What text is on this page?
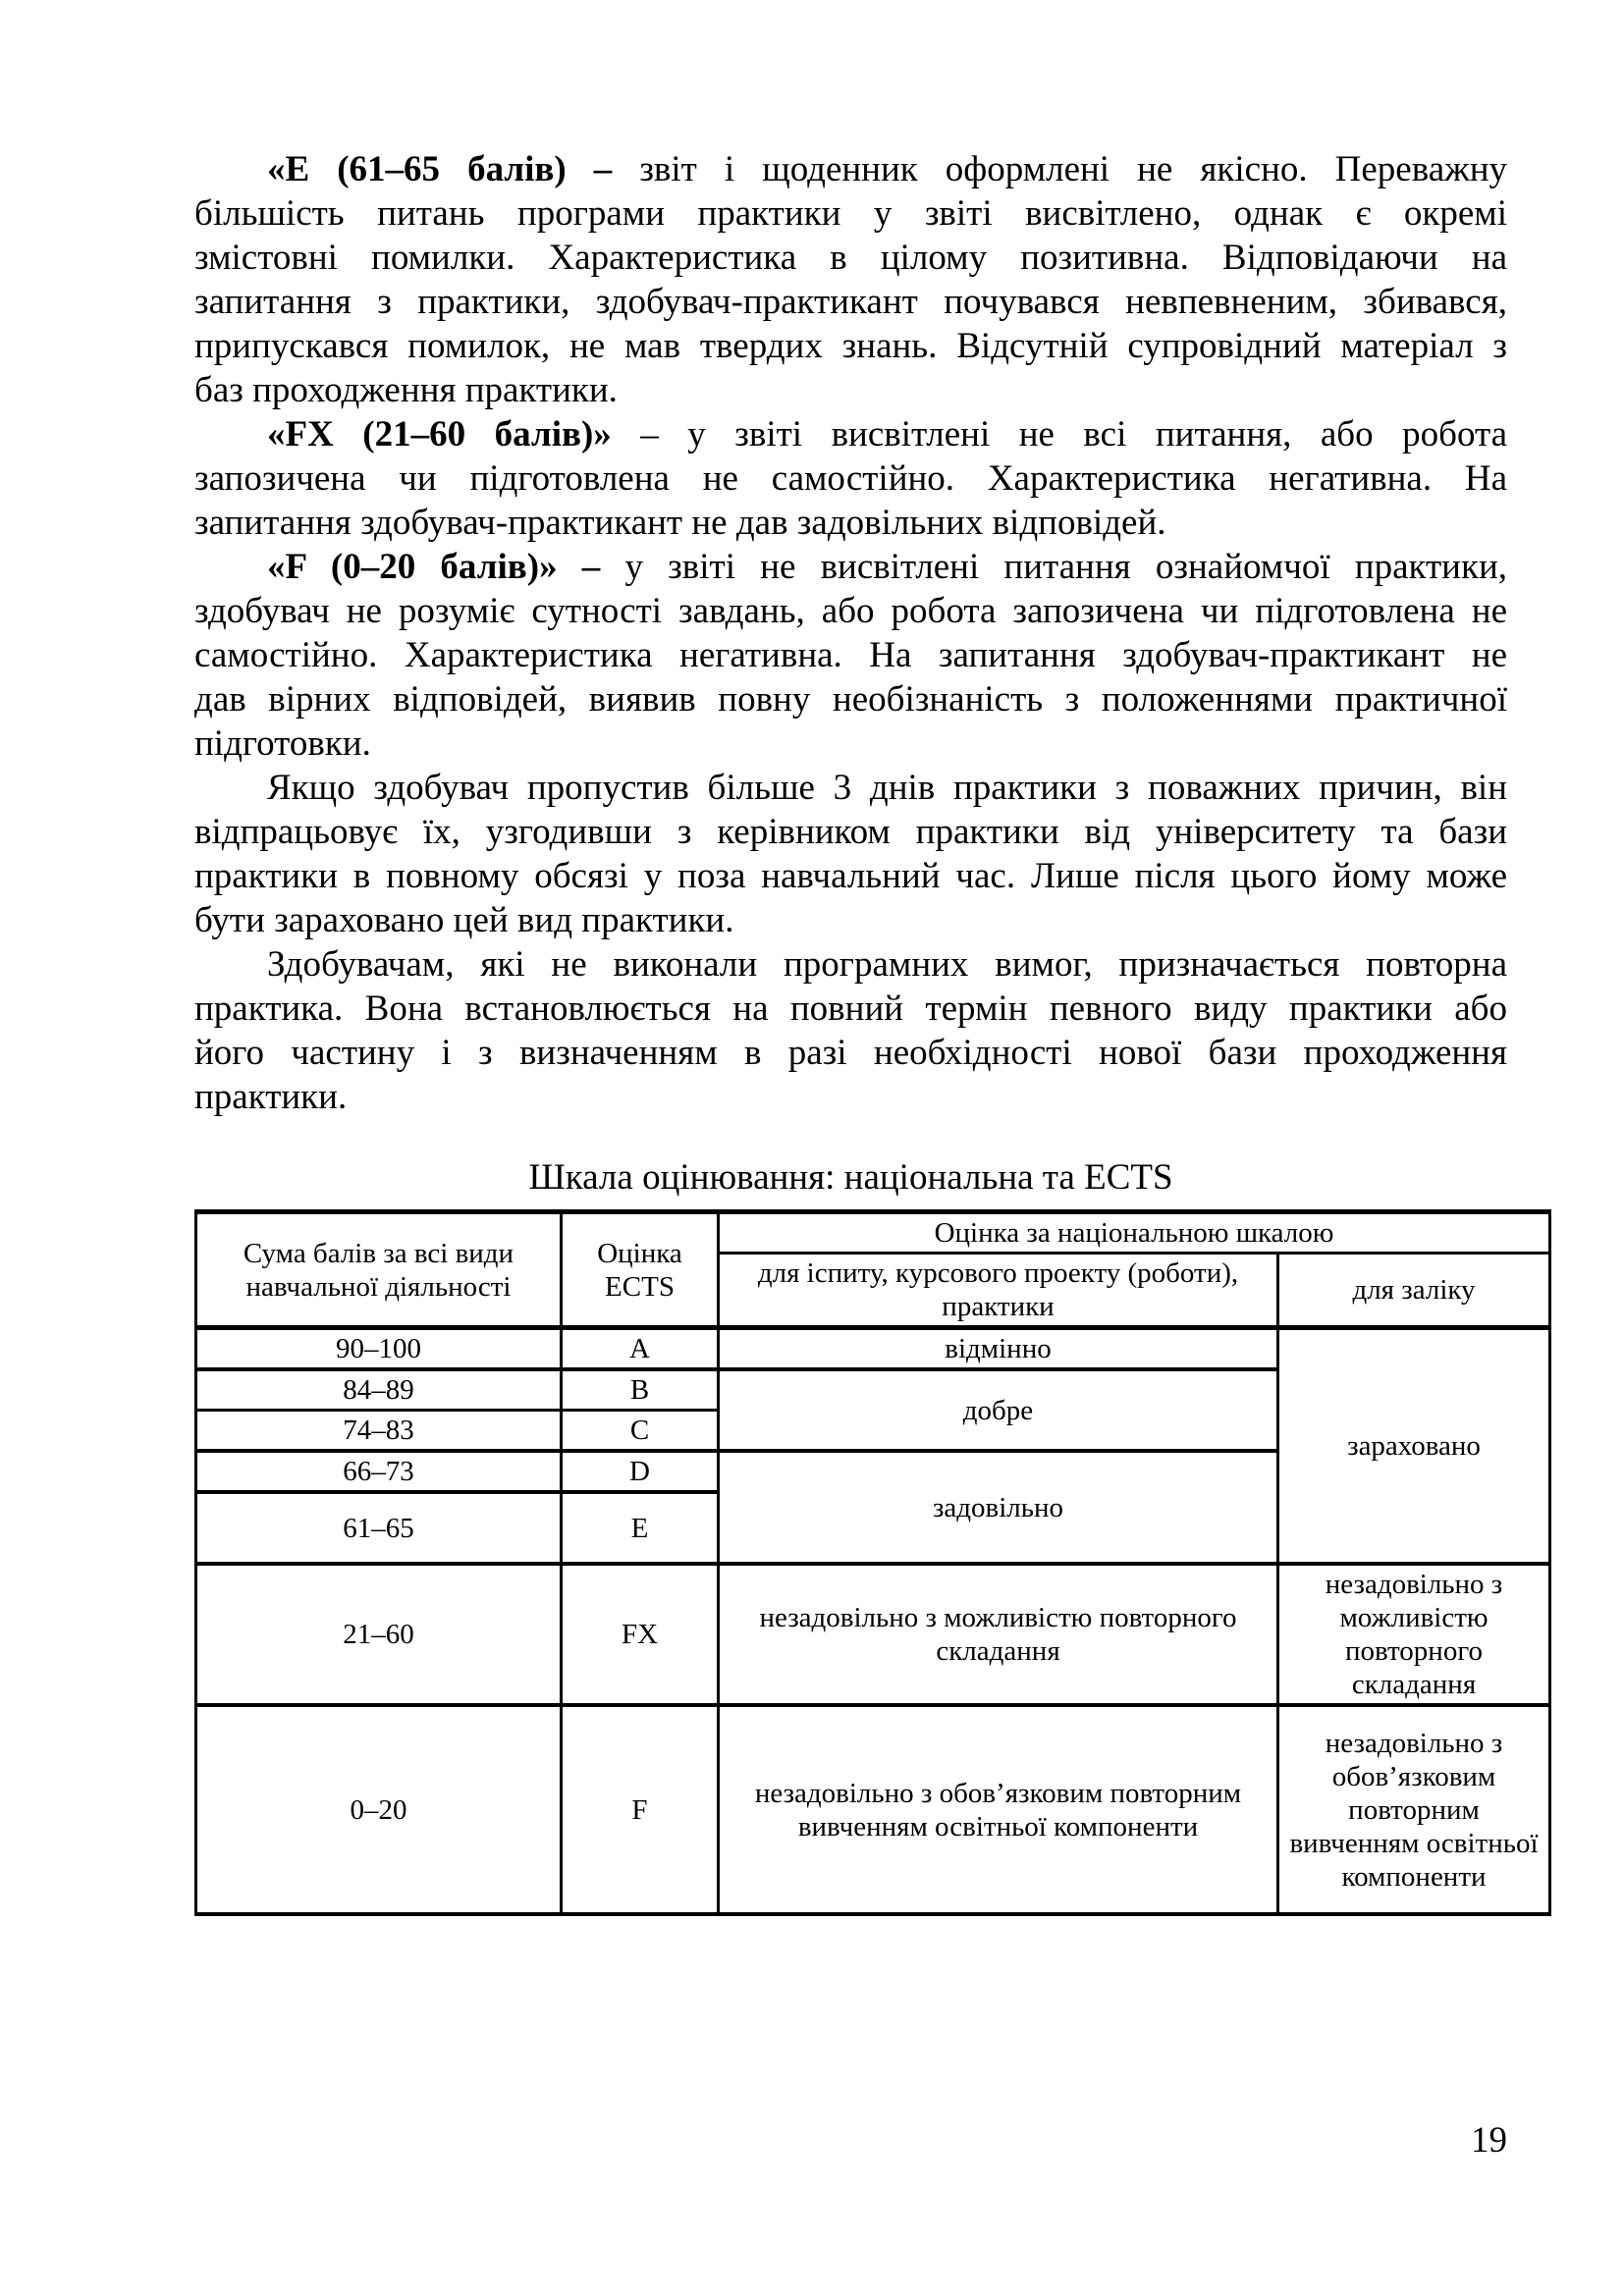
«Е (61–65 балів) – звіт і щоденник оформлені не якісно. Переважну
більшість питань програми практики у звіті висвітлено, однак є окремі
змістовні помилки. Характеристика в цілому позитивна. Відповідаючи на
запитання з практики, здобувач-практикант почувався невпевненим, збивався,
припускався помилок, не мав твердих знань. Відсутній супровідний матеріал з
баз проходження практики.
«FX (21–60 балів)» – у звіті висвітлені не всі питання, або робота
запозичена чи підготовлена не самостійно. Характеристика негативна. На
запитання здобувач-практикант не дав задовільних відповідей.
«F (0–20 балів)» – у звіті не висвітлені питання ознайомчої практики,
здобувач не розуміє сутності завдань, або робота запозичена чи підготовлена не
самостійно. Характеристика негативна. На запитання здобувач-практикант не
дав вірних відповідей, виявив повну необізнаність з положеннями практичної
підготовки.
Якщо здобувач пропустив більше 3 днів практики з поважних причин, він
відпрацьовує їх, узгодивши з керівником практики від університету та бази
практики в повному обсязі у поза навчальний час. Лише після цього йому може
бути зараховано цей вид практики.
Здобувачам, які не виконали програмних вимог, призначається повторна
практика. Вона встановлюється на повний термін певного виду практики або
його частину і з визначенням в разі необхідності нової бази проходження
практики.
Шкала оцінювання: національна та ECTS
Сума балів за всі види навчальної діяльності	Оцінка ECTS	Оцінка за національною шкалою	
		для іспиту, курсового проекту (роботи), практики	для заліку
90–100	A	відмінно	зараховано
84–89	B	добре	
74–83	C		
66–73	D	задовільно	
61–65	E		
21–60	FX	незадовільно з можливістю повторного складання	незадовільно з можливістю повторного складання
0–20	F	незадовільно з обов’язковим повторним вивченням освітньої компоненти	незадовільно з обов’язковим повторним вивченням освітньої компоненти
19
